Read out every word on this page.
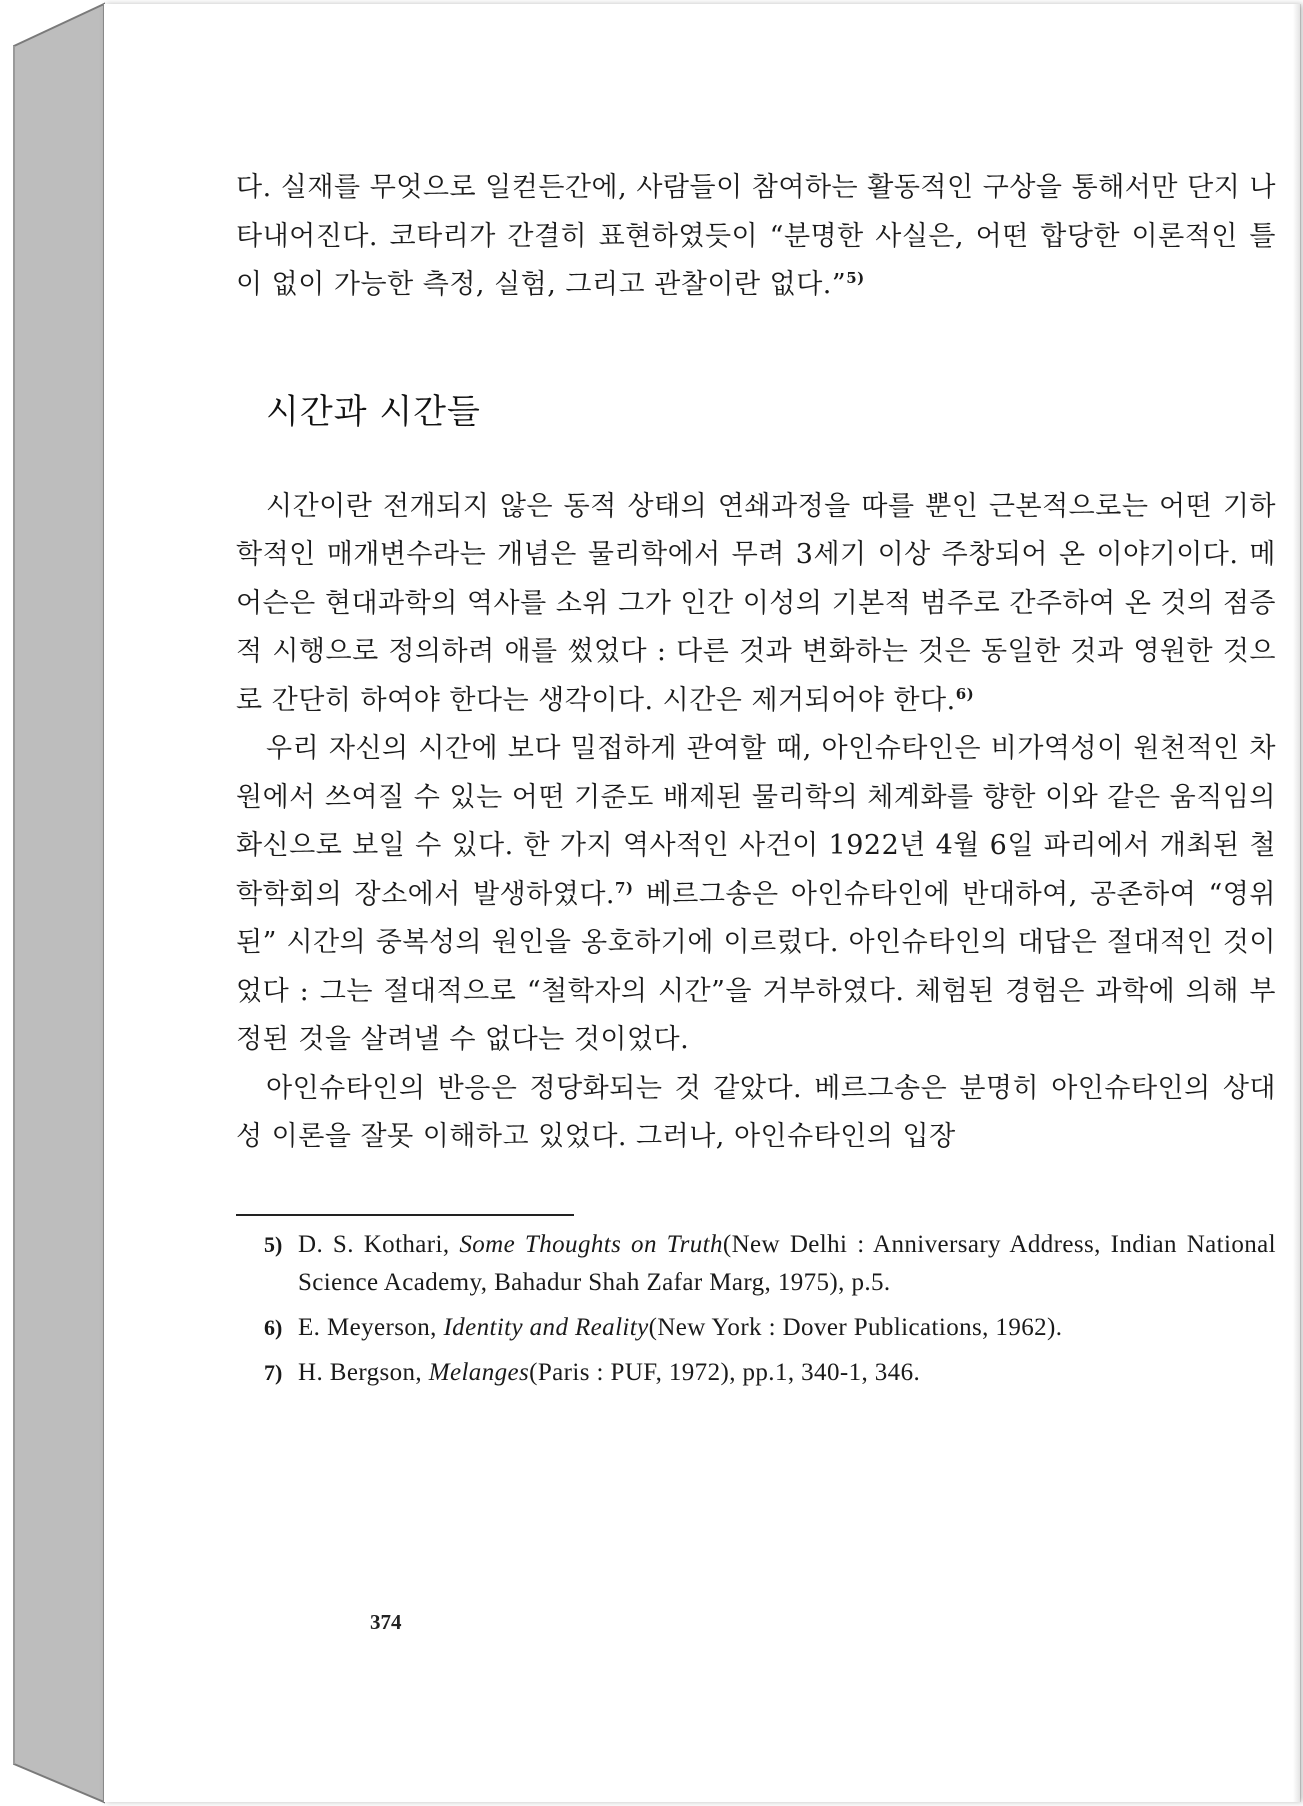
다. 실재를 무엇으로 일컫든간에, 사람들이 참여하는 활동적인 구상을 통해서만 단지 나타내어진다. 코타리가 간결히 표현하였듯이 “분명한 사실은, 어떤 합당한 이론적인 틀이 없이 가능한 측정, 실험, 그리고 관찰이란 없다.”$^{5)}$

시간과 시간들

시간이란 전개되지 않은 동적 상태의 연쇄과정을 따를 뿐인 근본적으로는 어떤 기하학적인 매개변수라는 개념은 물리학에서 무려 3세기 이상 주창되어 온 이야기이다. 메어슨은 현대과학의 역사를 소위 그가 인간 이성의 기본적 범주로 간주하여 온 것의 점증적 시행으로 정의하려 애를 썼었다 : 다른 것과 변화하는 것은 동일한 것과 영원한 것으로 간단히 하여야 한다는 생각이다. 시간은 제거되어야 한다.$^{6)}$

우리 자신의 시간에 보다 밀접하게 관여할 때, 아인슈타인은 비가역성이 원천적인 차원에서 쓰여질 수 있는 어떤 기준도 배제된 물리학의 체계화를 향한 이와 같은 움직임의 화신으로 보일 수 있다. 한 가지 역사적인 사건이 1922년 4월 6일 파리에서 개최된 철학학회의 장소에서 발생하였다.$^{7)}$ 베르그송은 아인슈타인에 반대하여, 공존하여 “영위된” 시간의 중복성의 원인을 옹호하기에 이르렀다. 아인슈타인의 대답은 절대적인 것이었다 : 그는 절대적으로 “철학자의 시간”을 거부하였다. 체험된 경험은 과학에 의해 부정된 것을 살려낼 수 없다는 것이었다.

아인슈타인의 반응은 정당화되는 것 같았다. 베르그송은 분명히 아인슈타인의 상대성 이론을 잘못 이해하고 있었다. 그러나, 아인슈타인의 입장

5) D. S. Kothari, Some Thoughts on Truth(New Delhi : Anniversary Address, Indian National Science Academy, Bahadur Shah Zafar Marg, 1975), p.5.
6) E. Meyerson, Identity and Reality(New York : Dover Publications, 1962).
7) H. Bergson, Melanges(Paris : PUF, 1972), pp.1, 340-1, 346.
374
